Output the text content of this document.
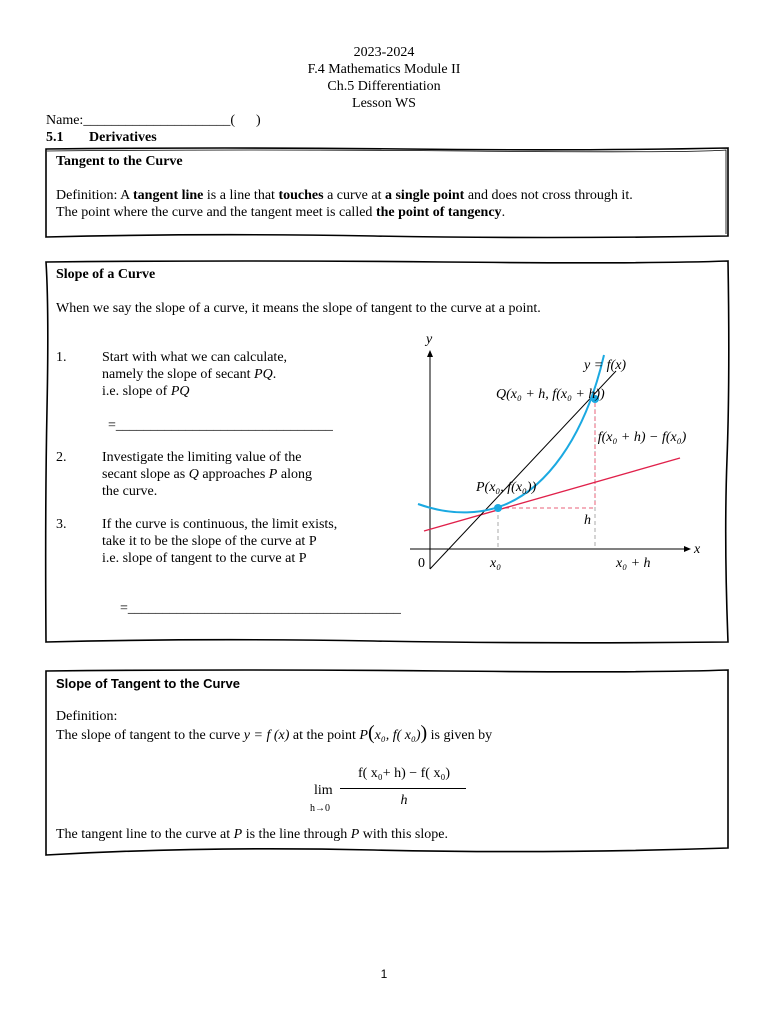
2023-2024
F.4 Mathematics Module II
Ch.5 Differentiation
Lesson WS
Name:_____________________(      )
5.1 Derivatives
Tangent to the Curve
Definition: A tangent line is a line that touches a curve at a single point and does not cross through it.
The point where the curve and the tangent meet is called the point of tangency.
Slope of a Curve
When we say the slope of a curve, it means the slope of tangent to the curve at a point.
1.	Start with what we can calculate,
namely the slope of secant PQ.
i.e. slope of PQ
=_______________________________
2.	Investigate the limiting value of the
secant slope as Q approaches P along
the curve.
3.	If the curve is continuous, the limit exists,
take it to be the slope of the curve at P
i.e. slope of tangent to the curve at P
=_______________________________________
y
x
0
y = f(x)
Q(x₀ + h, f(x₀ + h))
P(x₀, f(x₀))
f(x₀ + h) − f(x₀)
h
x₀	x₀ + h
Slope of Tangent to the Curve
Definition:
The slope of tangent to the curve y = f (x) at the point P(x₀, f( x₀)) is given by
lim
h→0
f( x₀+ h) − f( x₀)
h
The tangent line to the curve at P is the line through P with this slope.
1
